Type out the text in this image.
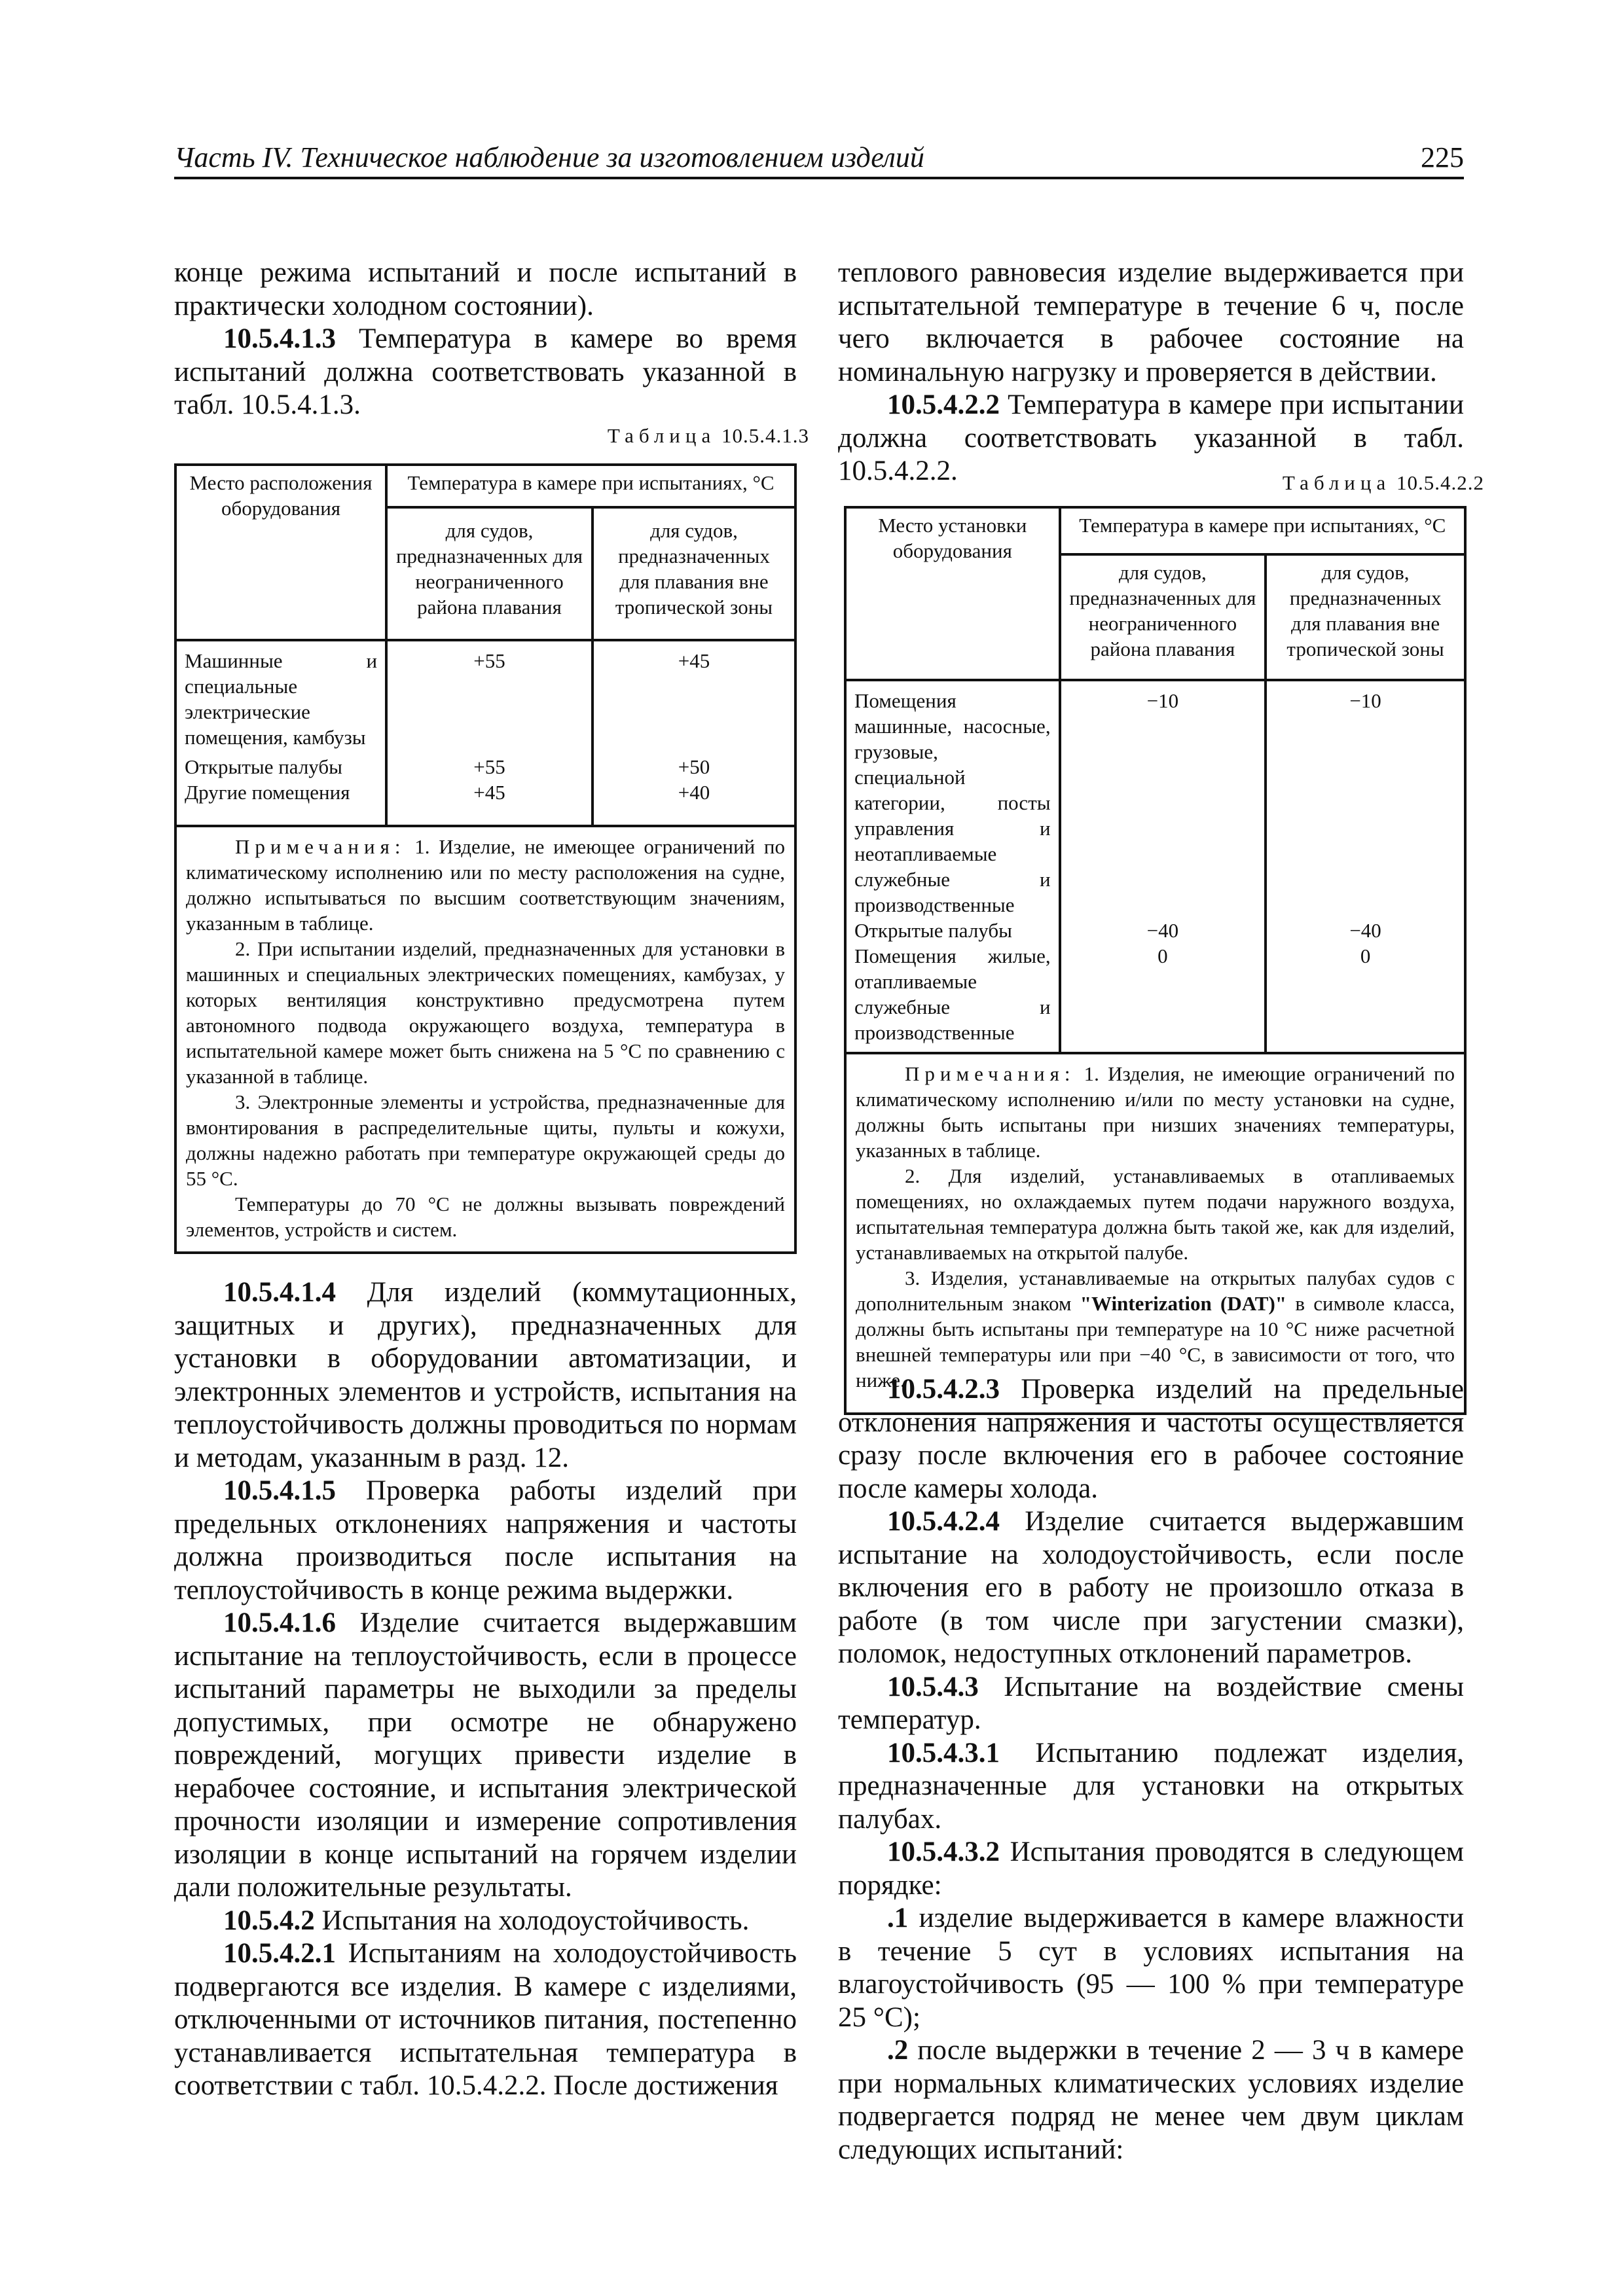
Часть IV. Техническое наблюдение за изготовлением изделий	225

конце режима испытаний и после испытаний в практически холодном состоянии).

10.5.4.1.3 Температура в камере во время испытаний должна соответствовать указанной в табл. 10.5.4.1.3.

Таблица 10.5.4.1.3
Место расположения оборудования	Температура в камере при испытаниях, °C	
	для судов, предназначенных для неограниченного района плавания	для судов, предназначенных для плавания вне тропической зоны
Машинные и специальные электрические помещения, камбузы	+55	+45
Открытые палубы	+55	+50
Другие помещения	+45	+40

Примечания: 1. Изделие, не имеющее ограничений по климатическому исполнению или по месту расположения на судне, должно испытываться по высшим соответствующим значениям, указанным в таблице.

2. При испытании изделий, предназначенных для установки в машинных и специальных электрических помещениях, камбузах, у которых вентиляция конструктивно предусмотрена путем автономного подвода окружающего воздуха, температура в испытательной камере может быть снижена на 5 °C по сравнению с указанной в таблице.

3. Электронные элементы и устройства, предназначенные для вмонтирования в распределительные щиты, пульты и кожухи, должны надежно работать при температуре окружающей среды до 55 °C.

Температуры до 70 °C не должны вызывать повреждений элементов, устройств и систем.		

10.5.4.1.4 Для изделий (коммутационных, защитных и других), предназначенных для установки в оборудовании автоматизации, и электронных элементов и устройств, испытания на теплоустойчивость должны проводиться по нормам и методам, указанным в разд. 12.

10.5.4.1.5 Проверка работы изделий при предельных отклонениях напряжения и частоты должна производиться после испытания на теплоустойчивость в конце режима выдержки.

10.5.4.1.6 Изделие считается выдержавшим испытание на теплоустойчивость, если в процессе испытаний параметры не выходили за пределы допустимых, при осмотре не обнаружено повреждений, могущих привести изделие в нерабочее состояние, и испытания электрической прочности изоляции и измерение сопротивления изоляции в конце испытаний на горячем изделии дали положительные результаты.

10.5.4.2 Испытания на холодоустойчивость.

10.5.4.2.1 Испытаниям на холодоустойчивость подвергаются все изделия. В камере с изделиями, отключенными от источников питания, постепенно устанавливается испытательная температура в соответствии с табл. 10.5.4.2.2. После достижения

теплового равновесия изделие выдерживается при испытательной температуре в течение 6 ч, после чего включается в рабочее состояние на номинальную нагрузку и проверяется в действии.

10.5.4.2.2 Температура в камере при испытании должна соответствовать указанной в табл. 10.5.4.2.2.	Таблица 10.5.4.2.2
Место установки оборудования	Температура в камере при испытаниях, °C	
	для судов, предназначенных для неограниченного района плавания	для судов, предназначенных для плавания вне тропической зоны
Помещения машинные, насосные, грузовые, специальной категории, посты управления и неотапливаемые служебные и производственные	−10	−10
Открытые палубы	−40	−40
Помещения жилые, отапливаемые служебные и производственные	0	0

Примечания: 1. Изделия, не имеющие ограничений по климатическому исполнению и/или по месту установки на судне, должны быть испытаны при низших значениях температуры, указанных в таблице.

2. Для изделий, устанавливаемых в отапливаемых помещениях, но охлаждаемых путем подачи наружного воздуха, испытательная температура должна быть такой же, как для изделий, устанавливаемых на открытой палубе.

3. Изделия, устанавливаемые на открытых палубах судов с дополнительным знаком "Winterization (DAT)" в символе класса, должны быть испытаны при температуре на 10 °C ниже расчетной внешней температуры или при −40 °C, в зависимости от того, что ниже.		

10.5.4.2.3 Проверка изделий на предельные отклонения напряжения и частоты осуществляется сразу после включения его в рабочее состояние после камеры холода.

10.5.4.2.4 Изделие считается выдержавшим испытание на холодоустойчивость, если после включения его в работу не произошло отказа в работе (в том числе при загустении смазки), поломок, недоступных отклонений параметров.

10.5.4.3 Испытание на воздействие смены температур.

10.5.4.3.1 Испытанию подлежат изделия, предназначенные для установки на открытых палубах.

10.5.4.3.2 Испытания проводятся в следующем порядке:

.1 изделие выдерживается в камере влажности в течение 5 сут в условиях испытания на влагоустойчивость (95 — 100 % при температуре 25 °C);

.2 после выдержки в течение 2 — 3 ч в камере при нормальных климатических условиях изделие подвергается подряд не менее чем двум циклам следующих испытаний:
